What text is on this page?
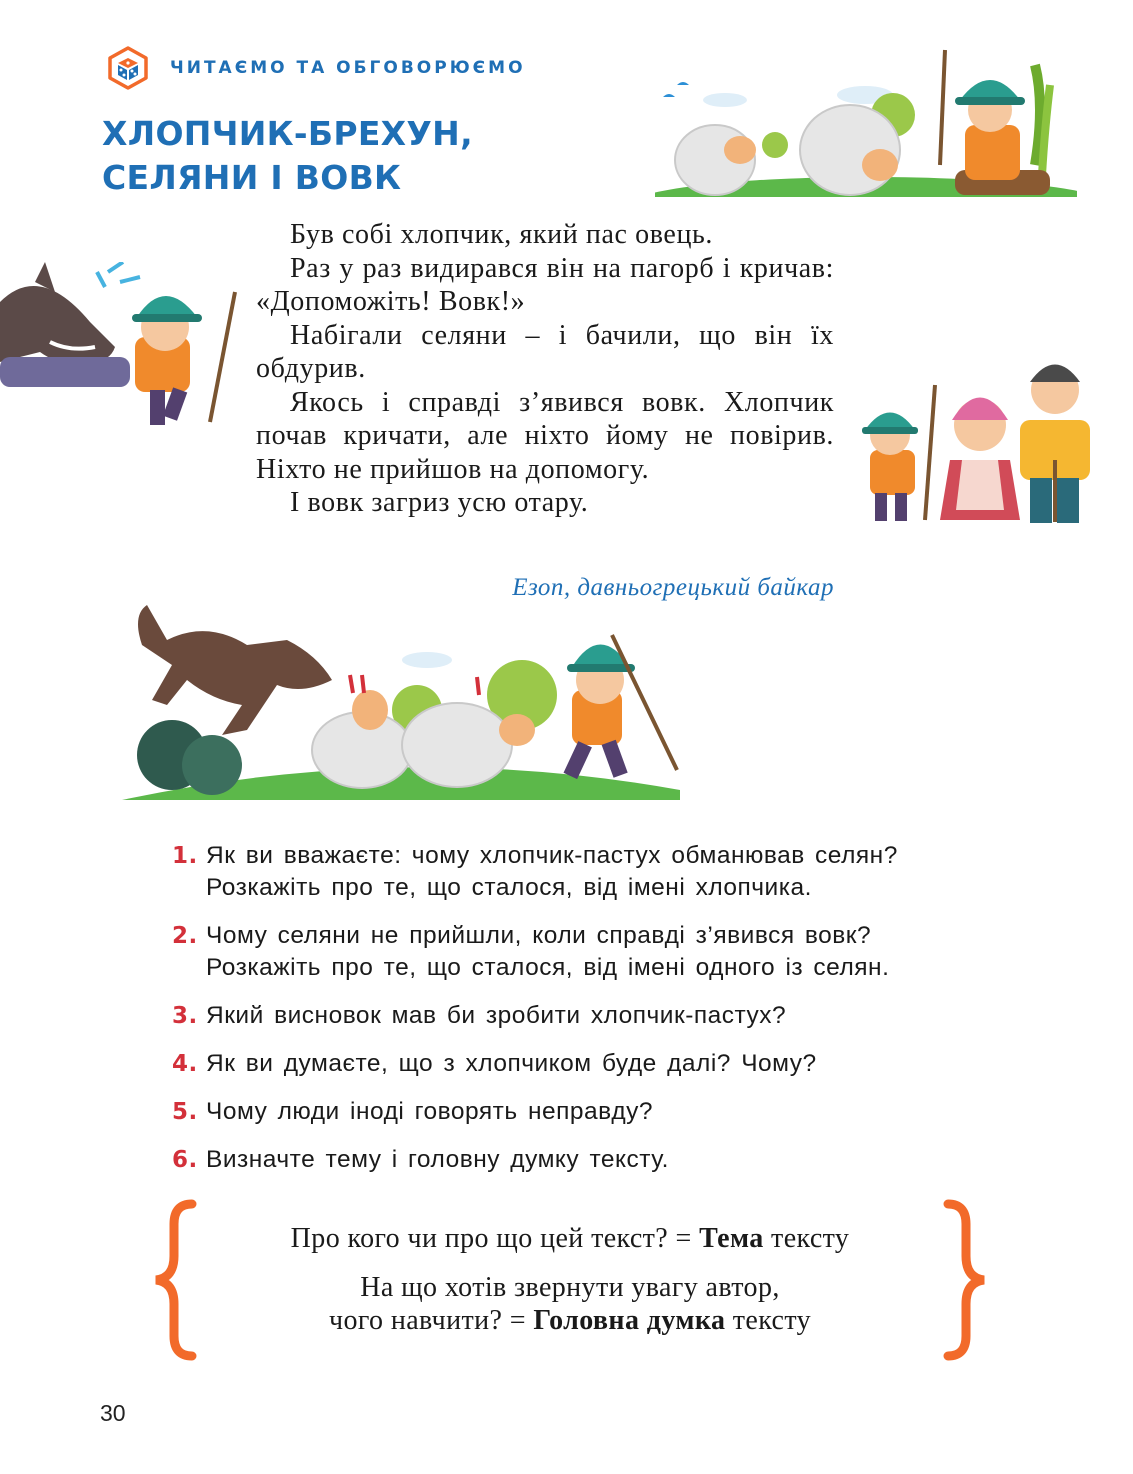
ЧИТАЄМО ТА ОБГОВОРЮЄМО
ХЛОПЧИК-БРЕХУН,
СЕЛЯНИ І ВОВК

Був собі хлопчик, який пас овець.

Раз у раз видирався він на пагорб і кричав: «Допоможіть! Вовк!»

Набігали селяни – і бачили, що він їх обдурив.

Якось і справді з’явився вовк. Хлопчик почав кричати, але ніхто йому не повірив. Ніхто не прийшов на допомогу.

І вовк загриз усю отару.

Езоп, давньогрецький байкар
1. Як ви вважаєте: чому хлопчик-пастух обманював селян?
Розкажіть про те, що сталося, від імені хлопчика.
2. Чому селяни не прийшли, коли справді з’явився вовк?
Розкажіть про те, що сталося, від імені одного із селян.
3. Який висновок мав би зробити хлопчик-пастух?
4. Як ви думаєте, що з хлопчиком буде далі? Чому?
5. Чому люди іноді говорять неправду?
6. Визначте тему і головну думку тексту.
Про кого чи про що цей текст? = Тема тексту
На що хотів звернути увагу автор,
чого навчити? = Головна думка тексту
30
